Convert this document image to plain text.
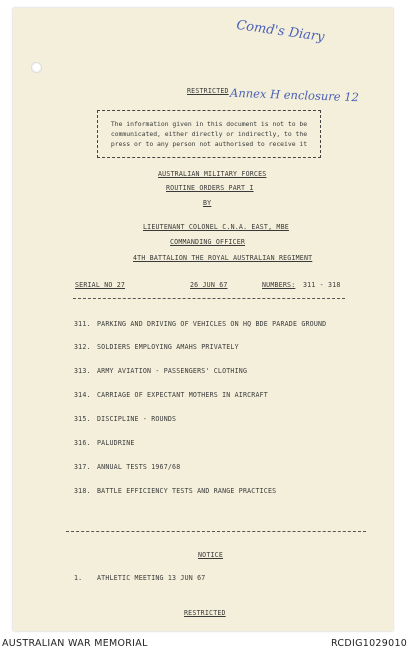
Comd's Diary
Annex H enclosure 12
RESTRICTED
The information given in this document is not to be
communicated, either directly or indirectly, to the
press or to any person not authorised to receive it
AUSTRALIAN MILITARY FORCES
ROUTINE ORDERS PART I
BY
LIEUTENANT COLONEL C.N.A. EAST, MBE
COMMANDING OFFICER
4TH BATTALION THE ROYAL AUSTRALIAN REGIMENT
SERIAL NO 27	26 JUN 67	NUMBERS: 311 - 318
311. PARKING AND DRIVING OF VEHICLES ON HQ BDE PARADE GROUND
312. SOLDIERS EMPLOYING AMAHS PRIVATELY
313. ARMY AVIATION - PASSENGERS' CLOTHING
314. CARRIAGE OF EXPECTANT MOTHERS IN AIRCRAFT
315. DISCIPLINE - ROUNDS
316. PALUDRINE
317. ANNUAL TESTS 1967/68
318. BATTLE EFFICIENCY TESTS AND RANGE PRACTICES
NOTICE
1. ATHLETIC MEETING 13 JUN 67
RESTRICTED
AUSTRALIAN WAR MEMORIAL	RCDIG1029010
